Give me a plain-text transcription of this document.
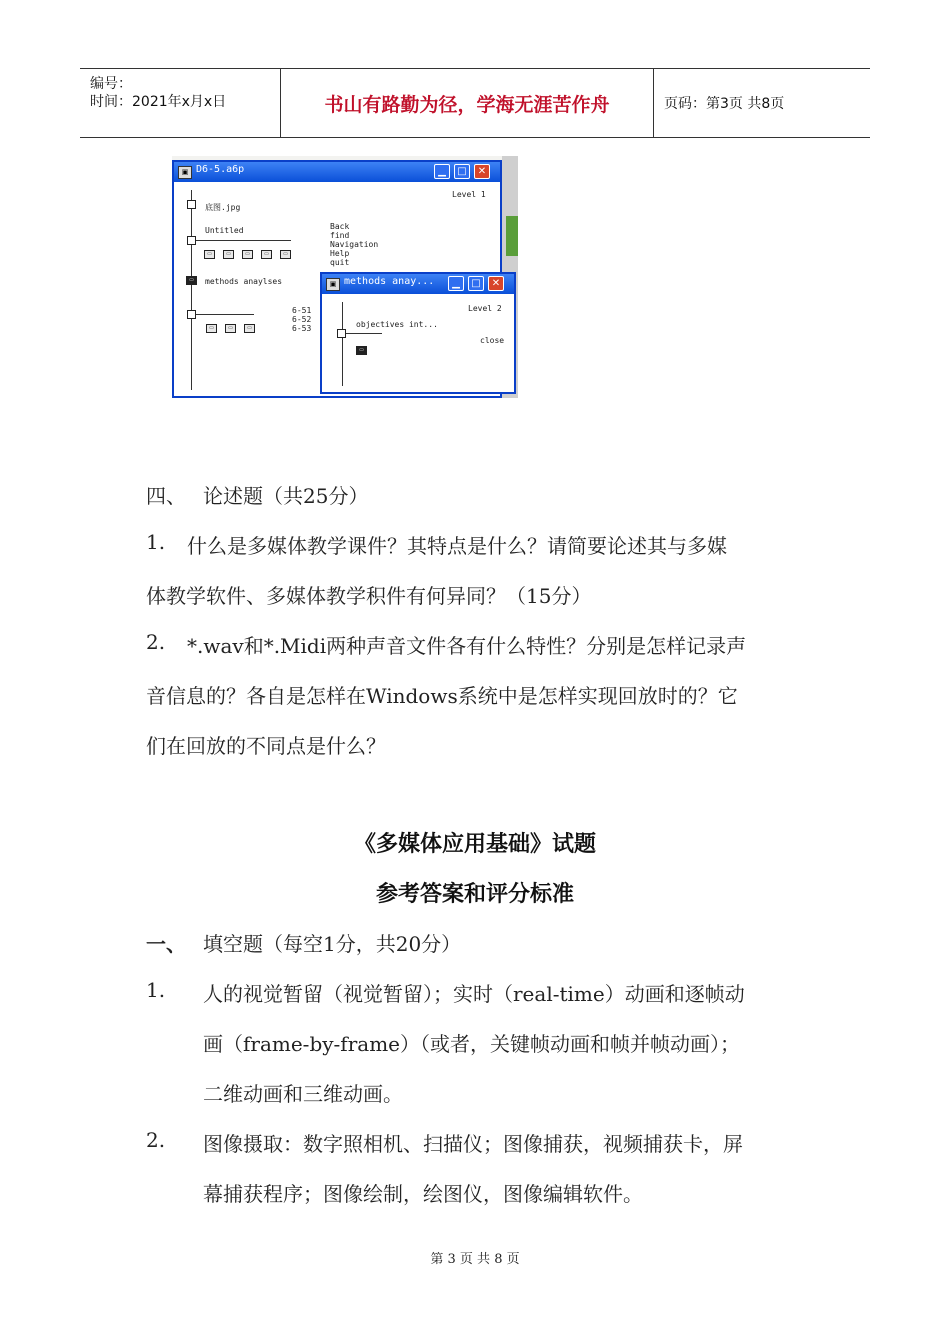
编号：
时间：2021年x月x日	书山有路勤为径，学海无涯苦作舟	页码：第3页 共8页
▣ D6-5.a6p	▁	□	✕
Level 1
底图.jpg
Untitled
▭	▭	▭	▭	▭
Back
find
Navigation
Help
quit
▭	methods anaylses
▭	▭	▭
6-51
6-52
6-53
▣ methods anay...	▁	□	✕
Level 2
objectives int...
▭
close
四、 论述题（共25分）
1. 什么是多媒体教学课件？其特点是什么？请简要论述其与多媒
体教学软件、多媒体教学积件有何异同？（15分）
2. *.wav和*.Midi两种声音文件各有什么特性？分别是怎样记录声
音信息的？各自是怎样在Windows系统中是怎样实现回放时的？它
们在回放的不同点是什么？
《多媒体应用基础》试题
参考答案和评分标准
一、 填空题（每空1分，共20分）
1. 人的视觉暂留（视觉暂留）；实时（real-time）动画和逐帧动
画（frame-by-frame）（或者，关键帧动画和帧并帧动画）；
二维动画和三维动画。
2. 图像摄取：数字照相机、扫描仪；图像捕获，视频捕获卡，屏
幕捕获程序；图像绘制，绘图仪，图像编辑软件。
第 3 页 共 8 页
